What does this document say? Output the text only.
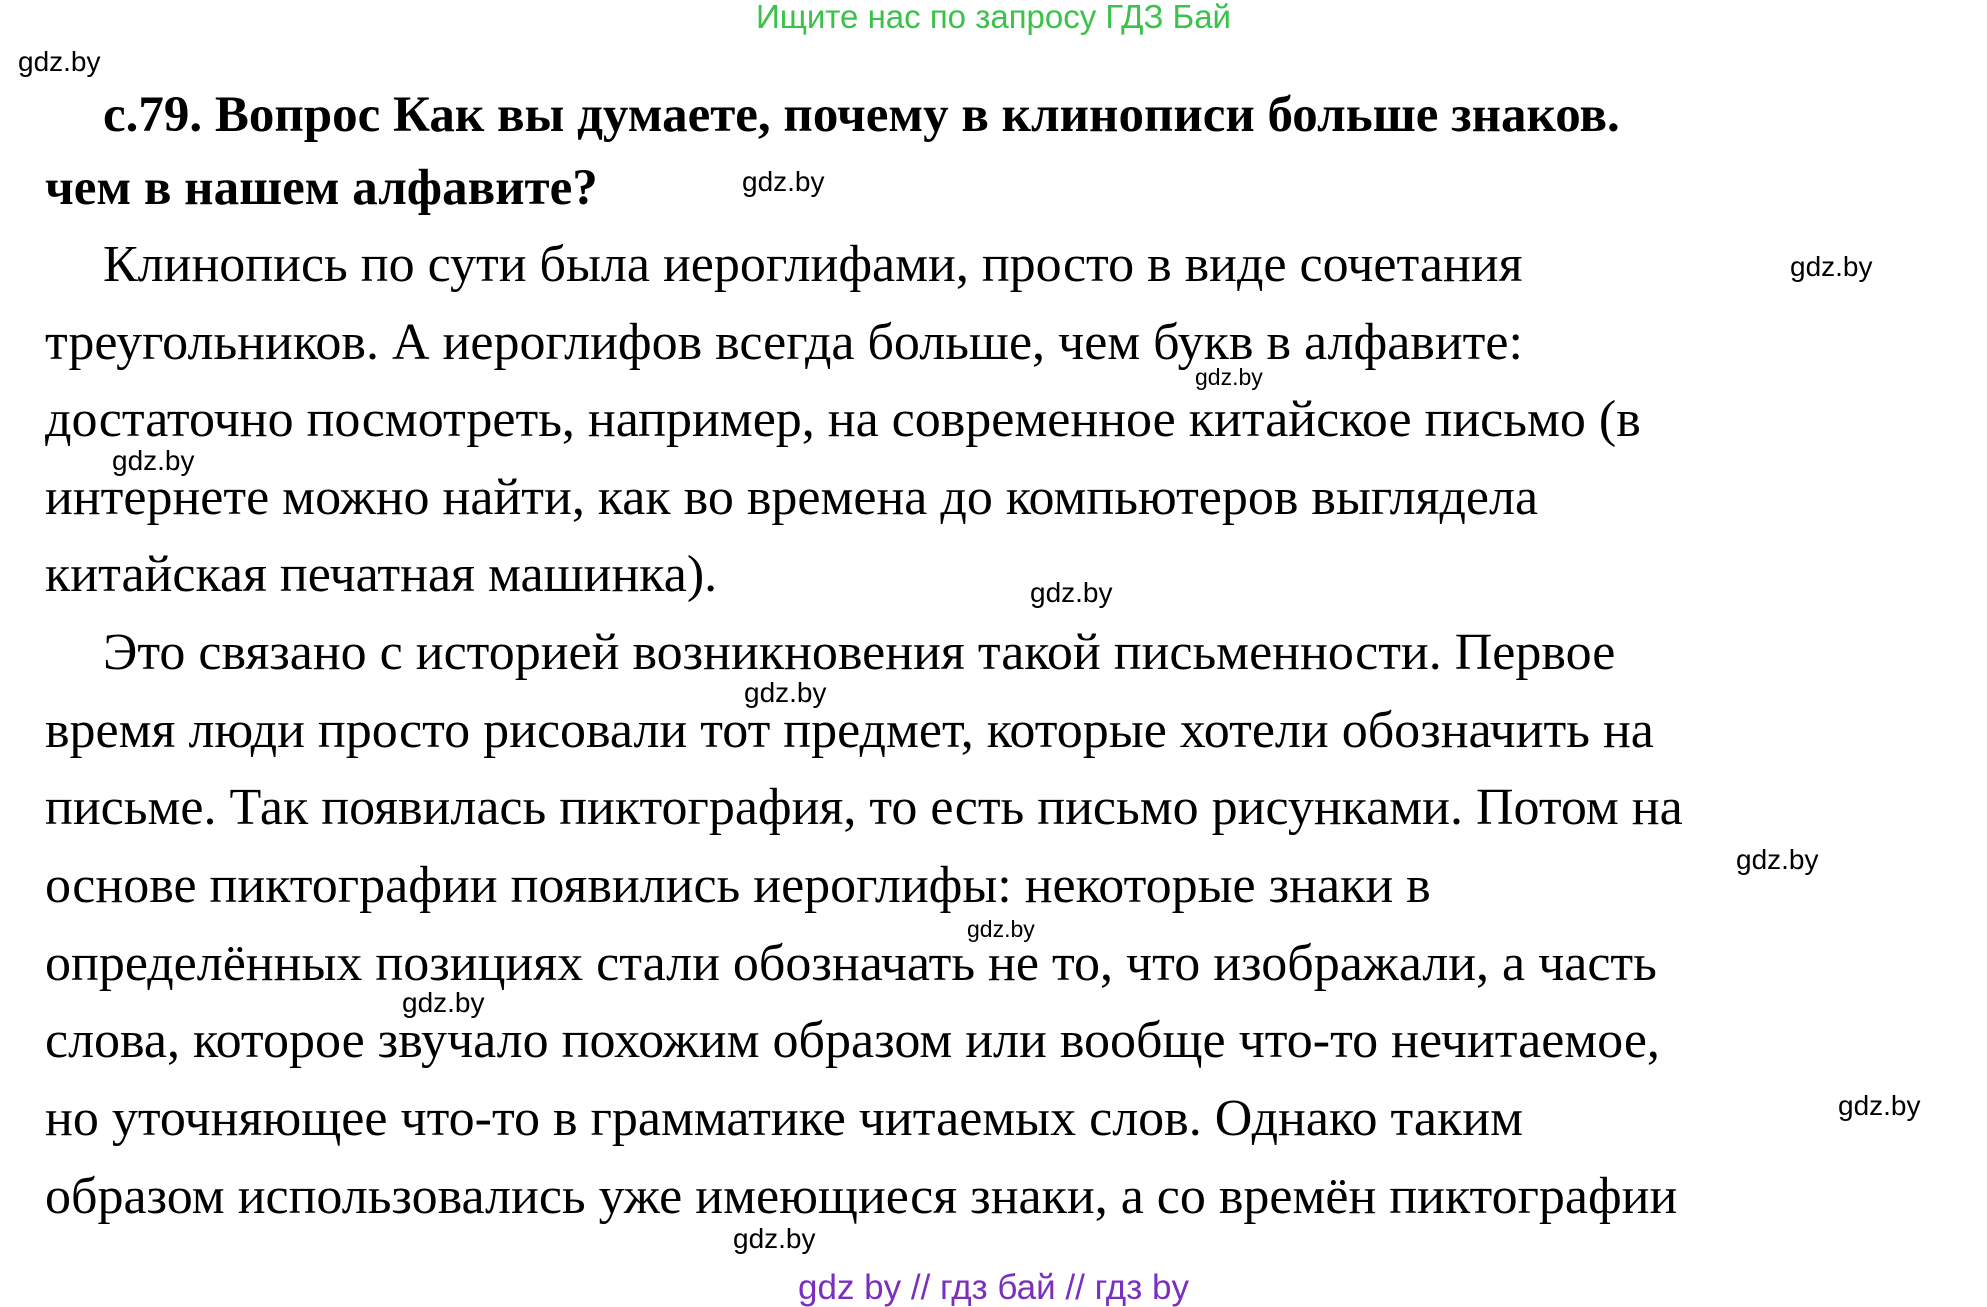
Ищите нас по запросу ГДЗ Бай
gdz.by
с.79. Вопрос Как вы думаете, почему в клинописи больше знаков.
чем в нашем алфавите?	gdz.by
Клинопись по сути была иероглифами, просто в виде сочетания	gdz.by
треугольников. А иероглифов всегда больше, чем букв в алфавите:
gdz.by
достаточно посмотреть, например, на современное китайское письмо (в
gdz.by
интернете можно найти, как во времена до компьютеров выглядела
китайская печатная машинка).	gdz.by
Это связано с историей возникновения такой письменности. Первое
gdz.by
время люди просто рисовали тот предмет, которые хотели обозначить на
письме. Так появилась пиктография, то есть письмо рисунками. Потом на
gdz.by
основе пиктографии появились иероглифы: некоторые знаки в
gdz.by
определённых позициях стали обозначать не то, что изображали, а часть
gdz.by
слова, которое звучало похожим образом или вообще что-то нечитаемое,
но уточняющее что-то в грамматике читаемых слов. Однако таким	gdz.by
образом использовались уже имеющиеся знаки, а со времён пиктографии
gdz.by
gdz by // гдз бай // гдз by
